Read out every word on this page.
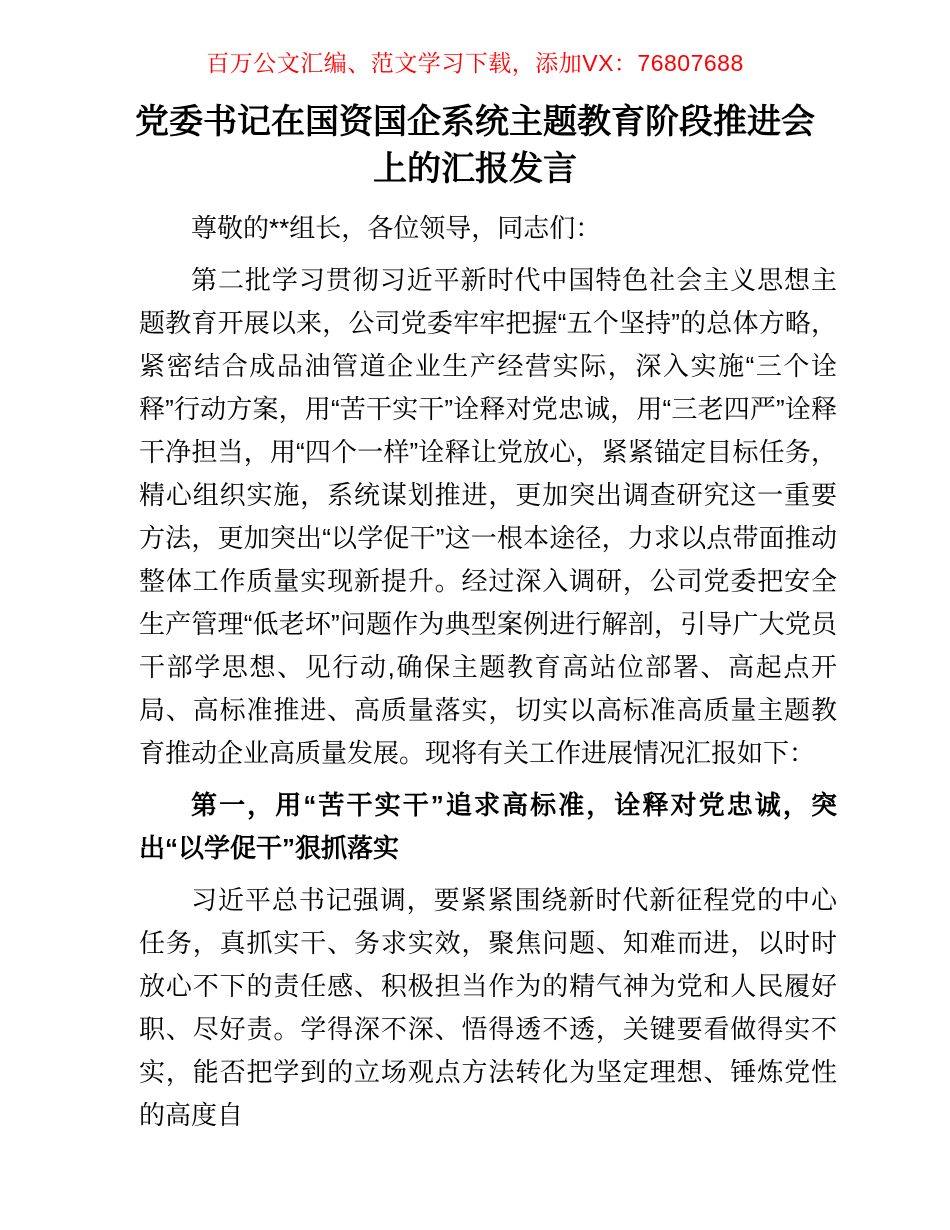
百万公文汇编、范文学习下载，添加VX：76807688
党委书记在国资国企系统主题教育阶段推进会上的汇报发言

尊敬的**组长，各位领导，同志们：

第二批学习贯彻习近平新时代中国特色社会主义思想主题教育开展以来，公司党委牢牢把握“五个坚持”的总体方略，紧密结合成品油管道企业生产经营实际，深入实施“三个诠释”行动方案，用“苦干实干”诠释对党忠诚，用“三老四严”诠释干净担当，用“四个一样”诠释让党放心，紧紧锚定目标任务，精心组织实施，系统谋划推进，更加突出调查研究这一重要方法，更加突出“以学促干”这一根本途径，力求以点带面推动整体工作质量实现新提升。经过深入调研，公司党委把安全生产管理“低老坏”问题作为典型案例进行解剖，引导广大党员干部学思想、见行动,确保主题教育高站位部署、高起点开局、高标准推进、高质量落实，切实以高标准高质量主题教育推动企业高质量发展。现将有关工作进展情况汇报如下：

第一，用“苦干实干”追求高标准，诠释对党忠诚，突出“以学促干”狠抓落实

习近平总书记强调，要紧紧围绕新时代新征程党的中心任务，真抓实干、务求实效，聚焦问题、知难而进，以时时放心不下的责任感、积极担当作为的精气神为党和人民履好职、尽好责。学得深不深、悟得透不透，关键要看做得实不实，能否把学到的立场观点方法转化为坚定理想、锤炼党性的高度自
